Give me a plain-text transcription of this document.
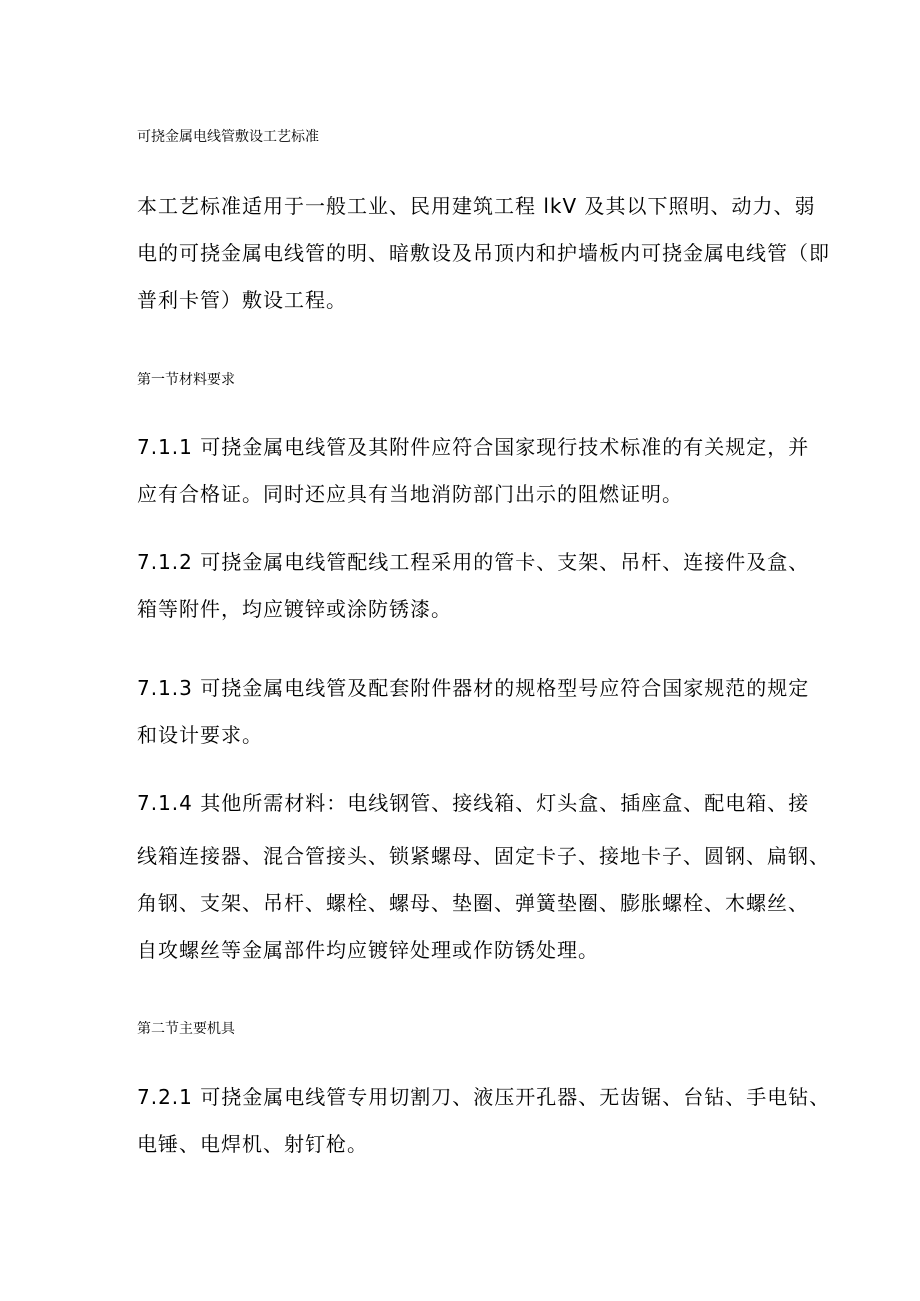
可挠金属电线管敷设工艺标准
本工艺标准适用于一般工业、民用建筑工程 lkV 及其以下照明、动力、弱
电的可挠金属电线管的明、暗敷设及吊顶内和护墙板内可挠金属电线管（即
普利卡管）敷设工程。
第一节材料要求
7.1.1 可挠金属电线管及其附件应符合国家现行技术标准的有关规定，并
应有合格证。同时还应具有当地消防部门出示的阻燃证明。
7.1.2 可挠金属电线管配线工程采用的管卡、支架、吊杆、连接件及盒、
箱等附件，均应镀锌或涂防锈漆。
7.1.3 可挠金属电线管及配套附件器材的规格型号应符合国家规范的规定
和设计要求。
7.1.4 其他所需材料：电线钢管、接线箱、灯头盒、插座盒、配电箱、接
线箱连接器、混合管接头、锁紧螺母、固定卡子、接地卡子、圆钢、扁钢、
角钢、支架、吊杆、螺栓、螺母、垫圈、弹簧垫圈、膨胀螺栓、木螺丝、
自攻螺丝等金属部件均应镀锌处理或作防锈处理。
第二节主要机具
7.2.1 可挠金属电线管专用切割刀、液压开孔器、无齿锯、台钻、手电钻、
电锤、电焊机、射钉枪。
